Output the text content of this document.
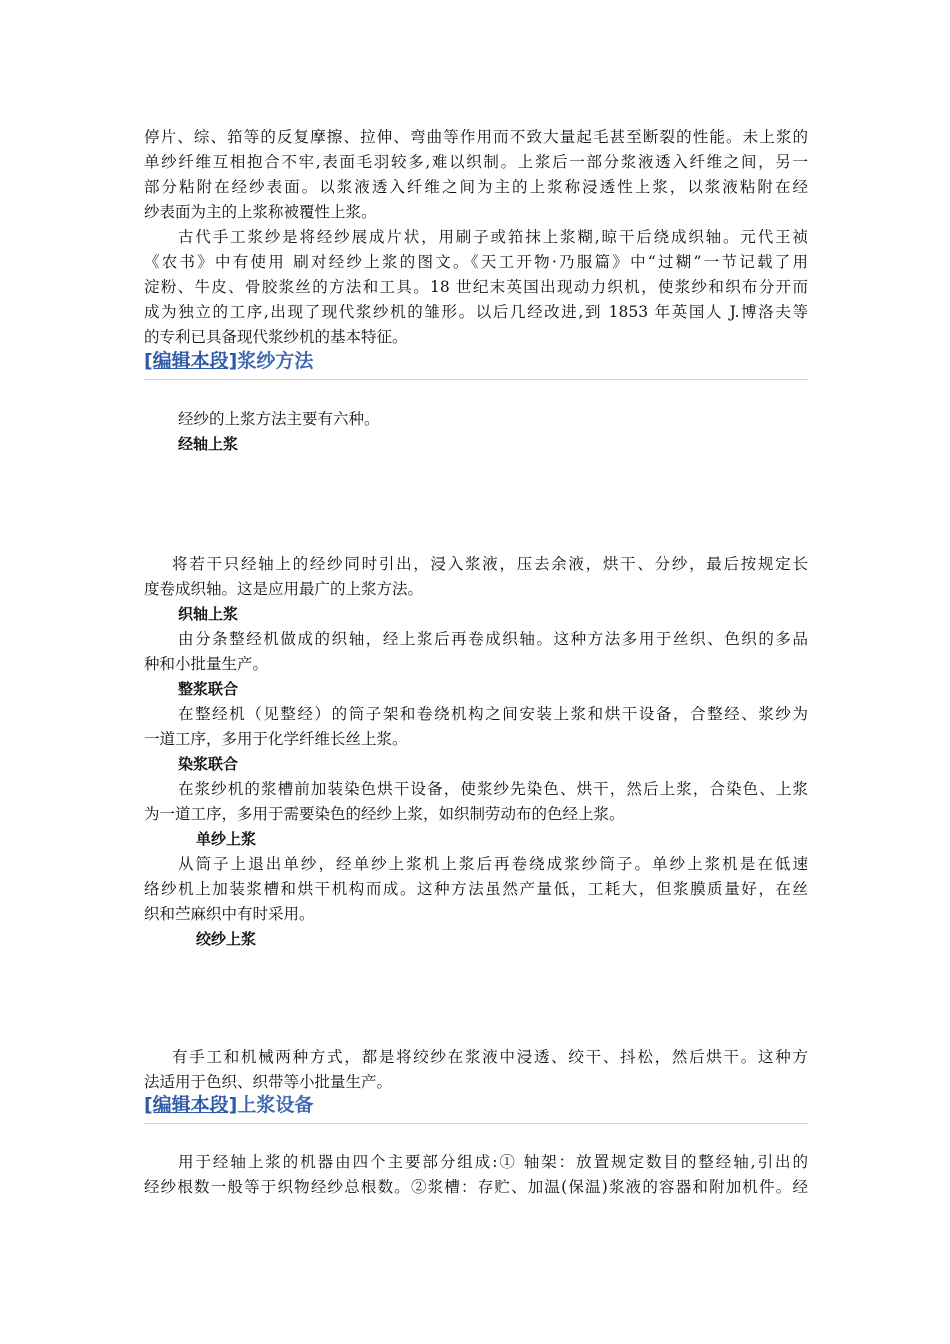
停片、综、筘等的反复摩擦、拉伸、弯曲等作用而不致大量起毛甚至断裂的性能。未上浆的
单纱纤维互相抱合不牢,表面毛羽较多,难以织制。上浆后一部分浆液透入纤维之间，另一
部分粘附在经纱表面。以浆液透入纤维之间为主的上浆称浸透性上浆，以浆液粘附在经
纱表面为主的上浆称被覆性上浆。
古代手工浆纱是将经纱展成片状，用刷子或筘抹上浆糊,晾干后绕成织轴。元代王祯
《农书》中有使用 刷对经纱上浆的图文。《天工开物·乃服篇》中“过糊”一节记载了用
淀粉、牛皮、骨胶浆丝的方法和工具。18 世纪末英国出现动力织机，使浆纱和织布分开而
成为独立的工序,出现了现代浆纱机的雏形。以后几经改进,到 1853 年英国人 J.博洛夫等
的专利已具备现代浆纱机的基本特征。
[编辑本段]浆纱方法
经纱的上浆方法主要有六种。
经轴上浆
将若干只经轴上的经纱同时引出，浸入浆液，压去余液，烘干、分纱，最后按规定长
度卷成织轴。这是应用最广的上浆方法。
织轴上浆
由分条整经机做成的织轴，经上浆后再卷成织轴。这种方法多用于丝织、色织的多品
种和小批量生产。
整浆联合
在整经机（见整经）的筒子架和卷绕机构之间安装上浆和烘干设备，合整经、浆纱为
一道工序，多用于化学纤维长丝上浆。
染浆联合
在浆纱机的浆槽前加装染色烘干设备，使浆纱先染色、烘干，然后上浆，合染色、上浆
为一道工序，多用于需要染色的经纱上浆，如织制劳动布的色经上浆。
单纱上浆
从筒子上退出单纱，经单纱上浆机上浆后再卷绕成浆纱筒子。单纱上浆机是在低速
络纱机上加装浆槽和烘干机构而成。这种方法虽然产量低，工耗大，但浆膜质量好，在丝
织和苎麻织中有时采用。
绞纱上浆
有手工和机械两种方式，都是将绞纱在浆液中浸透、绞干、抖松，然后烘干。这种方
法适用于色织、织带等小批量生产。
[编辑本段]上浆设备
用于经轴上浆的机器由四个主要部分组成:① 轴架：放置规定数目的整经轴,引出的
经纱根数一般等于织物经纱总根数。②浆槽：存贮、加温(保温)浆液的容器和附加机件。经
